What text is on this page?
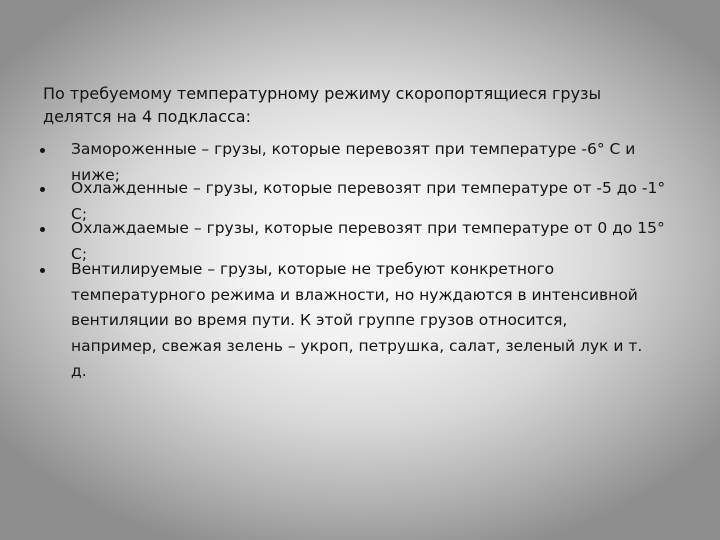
По требуемому температурному режиму скоропортящиеся грузы делятся на 4 подкласса:
Замороженные – грузы, которые перевозят при температуре -6° C и ниже;
Охлажденные – грузы, которые перевозят при температуре от -5 до -1° C;
Охлаждаемые – грузы, которые перевозят при температуре от 0 до 15° C;
Вентилируемые – грузы, которые не требуют конкретного температурного режима и влажности, но нуждаются в интенсивной вентиляции во время пути. К этой группе грузов относится, например, свежая зелень – укроп, петрушка, салат, зеленый лук и т. д.
